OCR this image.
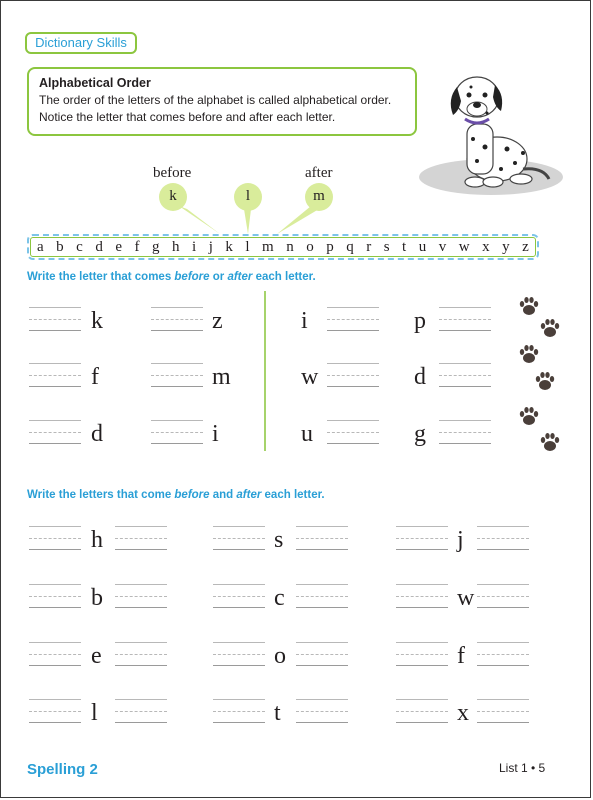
Dictionary Skills
Alphabetical Order
The order of the letters of the alphabet is called alphabetical order.
Notice the letter that comes before and after each letter.
before	after
k	l	m
a b c d e f g h i j k l m n o p q r s t u v w x y z
Write the letter that comes before or after each letter.
k	z	i	p
f	m	w	d
d	i	u	g
Write the letters that come before and after each letter.
h	s	j
b	c	w
e	o	f
l	t	x
Spelling 2	List 1 • 5
